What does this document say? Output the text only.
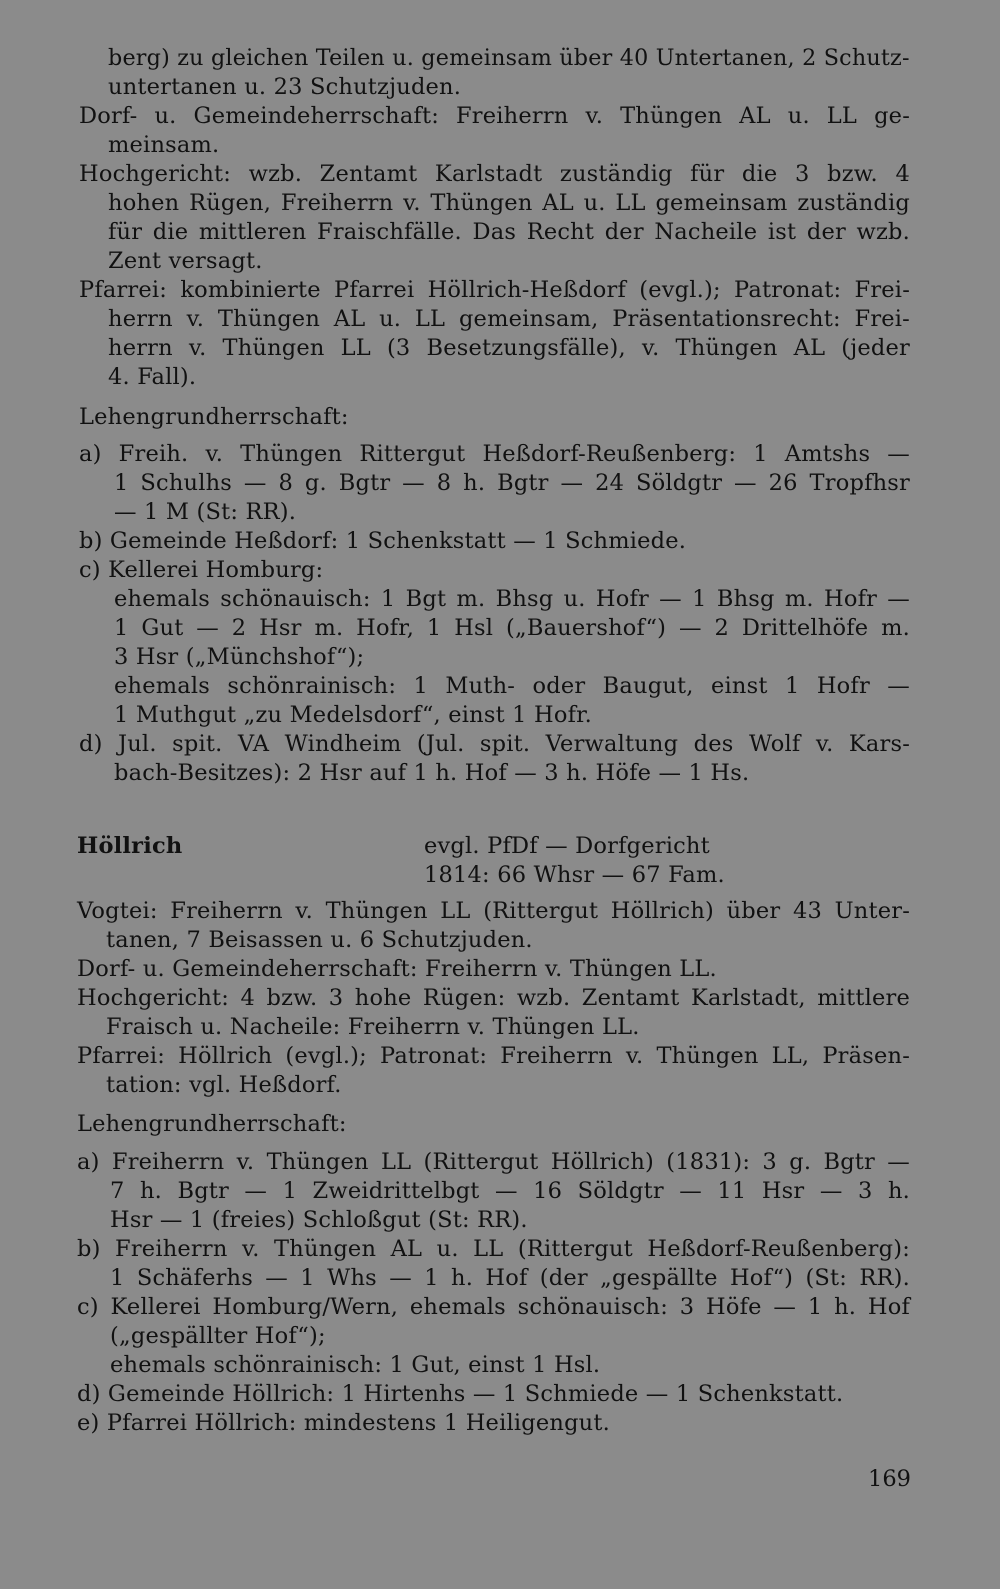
berg) zu gleichen Teilen u. gemeinsam über 40 Untertanen, 2 Schutz-
untertanen u. 23 Schutzjuden.
Dorf- u. Gemeindeherrschaft: Freiherrn v. Thüngen AL u. LL ge-
meinsam.
Hochgericht: wzb. Zentamt Karlstadt zuständig für die 3 bzw. 4
hohen Rügen, Freiherrn v. Thüngen AL u. LL gemeinsam zuständig
für die mittleren Fraischfälle. Das Recht der Nacheile ist der wzb.
Zent versagt.
Pfarrei: kombinierte Pfarrei Höllrich-Heßdorf (evgl.); Patronat: Frei-
herrn v. Thüngen AL u. LL gemeinsam, Präsentationsrecht: Frei-
herrn v. Thüngen LL (3 Besetzungsfälle), v. Thüngen AL (jeder
4. Fall).
Lehengrundherrschaft:
a) Freih. v. Thüngen Rittergut Heßdorf-Reußenberg: 1 Amtshs —
1 Schulhs — 8 g. Bgtr — 8 h. Bgtr — 24 Söldgtr — 26 Tropfhsr
— 1 M (St: RR).
b) Gemeinde Heßdorf: 1 Schenkstatt — 1 Schmiede.
c) Kellerei Homburg:
ehemals schönauisch: 1 Bgt m. Bhsg u. Hofr — 1 Bhsg m. Hofr —
1 Gut — 2 Hsr m. Hofr, 1 Hsl („Bauershof“) — 2 Drittelhöfe m.
3 Hsr („Münchshof“);
ehemals schönrainisch: 1 Muth- oder Baugut, einst 1 Hofr —
1 Muthgut „zu Medelsdorf“, einst 1 Hofr.
d) Jul. spit. VA Windheim (Jul. spit. Verwaltung des Wolf v. Kars-
bach-Besitzes): 2 Hsr auf 1 h. Hof — 3 h. Höfe — 1 Hs.
Höllrich	evgl. PfDf — Dorfgericht
1814: 66 Whsr — 67 Fam.
Vogtei: Freiherrn v. Thüngen LL (Rittergut Höllrich) über 43 Unter-
tanen, 7 Beisassen u. 6 Schutzjuden.
Dorf- u. Gemeindeherrschaft: Freiherrn v. Thüngen LL.
Hochgericht: 4 bzw. 3 hohe Rügen: wzb. Zentamt Karlstadt, mittlere
Fraisch u. Nacheile: Freiherrn v. Thüngen LL.
Pfarrei: Höllrich (evgl.); Patronat: Freiherrn v. Thüngen LL, Präsen-
tation: vgl. Heßdorf.
Lehengrundherrschaft:
a) Freiherrn v. Thüngen LL (Rittergut Höllrich) (1831): 3 g. Bgtr —
7 h. Bgtr — 1 Zweidrittelbgt — 16 Söldgtr — 11 Hsr — 3 h.
Hsr — 1 (freies) Schloßgut (St: RR).
b) Freiherrn v. Thüngen AL u. LL (Rittergut Heßdorf-Reußenberg):
1 Schäferhs — 1 Whs — 1 h. Hof (der „gespällte Hof“) (St: RR).
c) Kellerei Homburg/Wern, ehemals schönauisch: 3 Höfe — 1 h. Hof
(„gespällter Hof“);
ehemals schönrainisch: 1 Gut, einst 1 Hsl.
d) Gemeinde Höllrich: 1 Hirtenhs — 1 Schmiede — 1 Schenkstatt.
e) Pfarrei Höllrich: mindestens 1 Heiligengut.
169
